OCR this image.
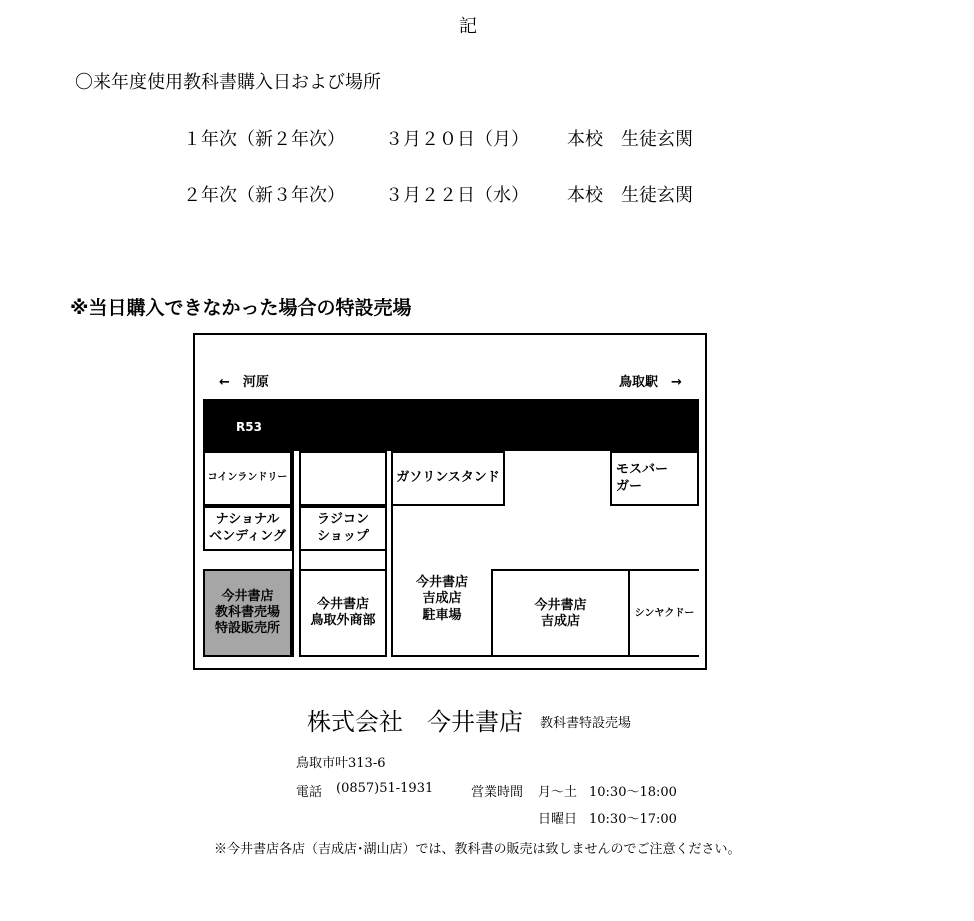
記
〇来年度使用教科書購入日および場所
１年次（新２年次） ３月２０日（月） 本校　生徒玄関
２年次（新３年次） ３月２２日（水） 本校　生徒玄関
※当日購入できなかった場合の特設売場
←　河原	鳥取駅　→
R53
コインランドリー
ナショナル
ベンディング
今井書店
教科書売場
特設販売所
ラジコン
ショップ
今井書店
鳥取外商部
ガソリンスタンド
モスバー
ガー
今井書店
吉成店
駐車場
今井書店
吉成店
シンヤクドー
株式会社　今井書店 教科書特設売場
鳥取市叶313-6
電話 (0857)51-1931	営業時間 月～土 10:30～18:00
日曜日 10:30～17:00
※今井書店各店（吉成店･湖山店）では、教科書の販売は致しませんのでご注意ください。
